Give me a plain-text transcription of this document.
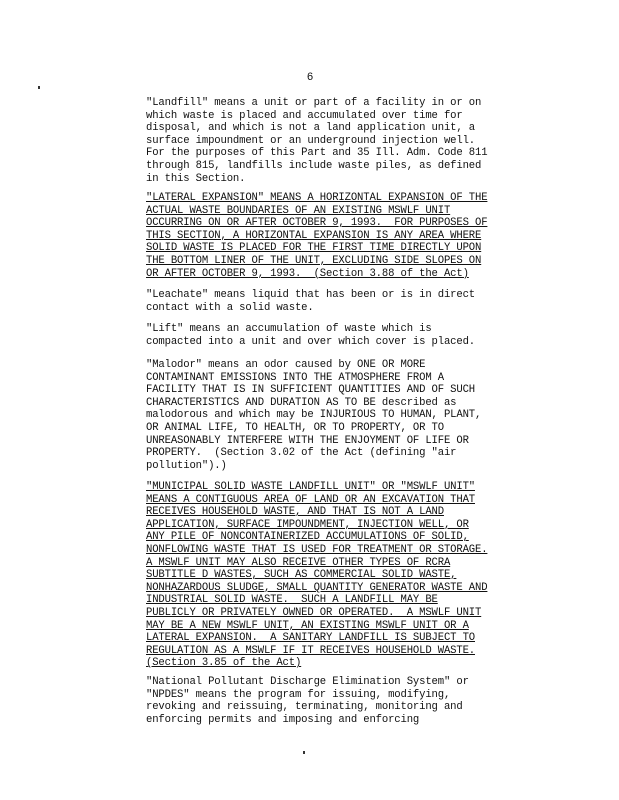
6
"Landfill" means a unit or part of a facility in or on
which waste is placed and accumulated over time for
disposal, and which is not a land application unit, a
surface impoundment or an underground injection well.
For the purposes of this Part and 35 Ill. Adm. Code 811
through 815, landfills include waste piles, as defined
in this Section.
"LATERAL EXPANSION" MEANS A HORIZONTAL EXPANSION OF THE
ACTUAL WASTE BOUNDARIES OF AN EXISTING MSWLF UNIT
OCCURRING ON OR AFTER OCTOBER 9, 1993.  FOR PURPOSES OF
THIS SECTION, A HORIZONTAL EXPANSION IS ANY AREA WHERE
SOLID WASTE IS PLACED FOR THE FIRST TIME DIRECTLY UPON
THE BOTTOM LINER OF THE UNIT, EXCLUDING SIDE SLOPES ON
OR AFTER OCTOBER 9, 1993.  (Section 3.88 of the Act)
"Leachate" means liquid that has been or is in direct
contact with a solid waste.
"Lift" means an accumulation of waste which is
compacted into a unit and over which cover is placed.
"Malodor" means an odor caused by ONE OR MORE
CONTAMINANT EMISSIONS INTO THE ATMOSPHERE FROM A
FACILITY THAT IS IN SUFFICIENT QUANTITIES AND OF SUCH
CHARACTERISTICS AND DURATION AS TO BE described as
malodorous and which may be INJURIOUS TO HUMAN, PLANT,
OR ANIMAL LIFE, TO HEALTH, OR TO PROPERTY, OR TO
UNREASONABLY INTERFERE WITH THE ENJOYMENT OF LIFE OR
PROPERTY.  (Section 3.02 of the Act (defining "air
pollution").)
"MUNICIPAL SOLID WASTE LANDFILL UNIT" OR "MSWLF UNIT"
MEANS A CONTIGUOUS AREA OF LAND OR AN EXCAVATION THAT
RECEIVES HOUSEHOLD WASTE, AND THAT IS NOT A LAND
APPLICATION, SURFACE IMPOUNDMENT, INJECTION WELL, OR
ANY PILE OF NONCONTAINERIZED ACCUMULATIONS OF SOLID,
NONFLOWING WASTE THAT IS USED FOR TREATMENT OR STORAGE.
A MSWLF UNIT MAY ALSO RECEIVE OTHER TYPES OF RCRA
SUBTITLE D WASTES, SUCH AS COMMERCIAL SOLID WASTE,
NONHAZARDOUS SLUDGE, SMALL QUANTITY GENERATOR WASTE AND
INDUSTRIAL SOLID WASTE.  SUCH A LANDFILL MAY BE
PUBLICLY OR PRIVATELY OWNED OR OPERATED.  A MSWLF UNIT
MAY BE A NEW MSWLF UNIT, AN EXISTING MSWLF UNIT OR A
LATERAL EXPANSION.  A SANITARY LANDFILL IS SUBJECT TO
REGULATION AS A MSWLF IF IT RECEIVES HOUSEHOLD WASTE.
(Section 3.85 of the Act)
"National Pollutant Discharge Elimination System" or
"NPDES" means the program for issuing, modifying,
revoking and reissuing, terminating, monitoring and
enforcing permits and imposing and enforcing
